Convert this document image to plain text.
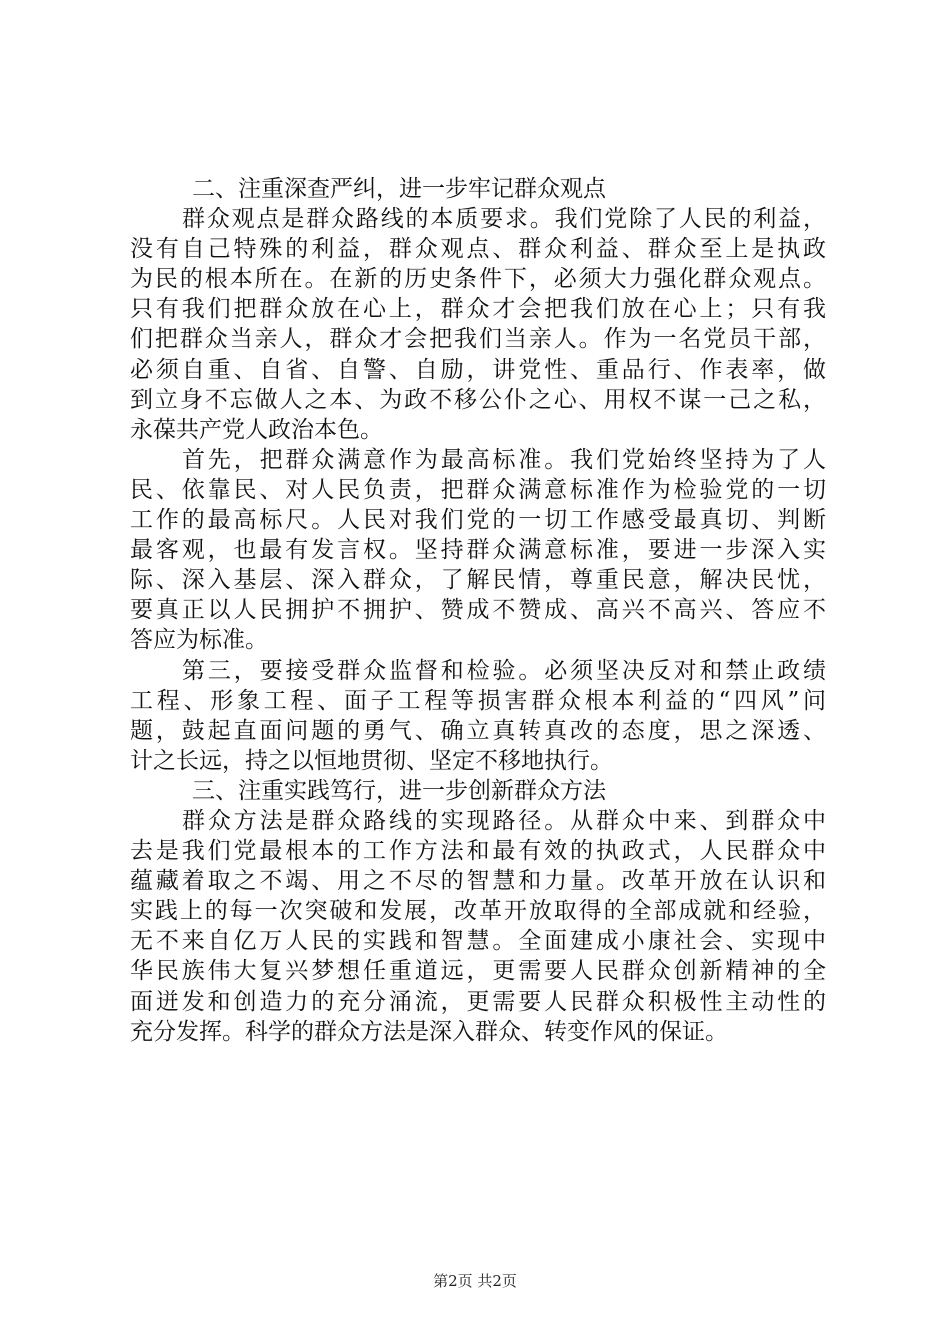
二、注重深查严纠，进一步牢记群众观点
群众观点是群众路线的本质要求。我们党除了人民的利益，
没有自己特殊的利益，群众观点、群众利益、群众至上是执政
为民的根本所在。在新的历史条件下，必须大力强化群众观点。
只有我们把群众放在心上，群众才会把我们放在心上；只有我
们把群众当亲人，群众才会把我们当亲人。作为一名党员干部，
必须自重、自省、自警、自励，讲党性、重品行、作表率，做
到立身不忘做人之本、为政不移公仆之心、用权不谋一己之私，
永葆共产党人政治本色。
首先，把群众满意作为最高标准。我们党始终坚持为了人
民、依靠民、对人民负责，把群众满意标准作为检验党的一切
工作的最高标尺。人民对我们党的一切工作感受最真切、判断
最客观，也最有发言权。坚持群众满意标准，要进一步深入实
际、深入基层、深入群众，了解民情，尊重民意，解决民忧，
要真正以人民拥护不拥护、赞成不赞成、高兴不高兴、答应不
答应为标准。
第三，要接受群众监督和检验。必须坚决反对和禁止政绩
工程、形象工程、面子工程等损害群众根本利益的“四风”问
题，鼓起直面问题的勇气、确立真转真改的态度，思之深透、
计之长远，持之以恒地贯彻、坚定不移地执行。
三、注重实践笃行，进一步创新群众方法
群众方法是群众路线的实现路径。从群众中来、到群众中
去是我们党最根本的工作方法和最有效的执政式，人民群众中
蕴藏着取之不竭、用之不尽的智慧和力量。改革开放在认识和
实践上的每一次突破和发展，改革开放取得的全部成就和经验，
无不来自亿万人民的实践和智慧。全面建成小康社会、实现中
华民族伟大复兴梦想任重道远，更需要人民群众创新精神的全
面迸发和创造力的充分涌流，更需要人民群众积极性主动性的
充分发挥。科学的群众方法是深入群众、转变作风的保证。
第2页 共2页
